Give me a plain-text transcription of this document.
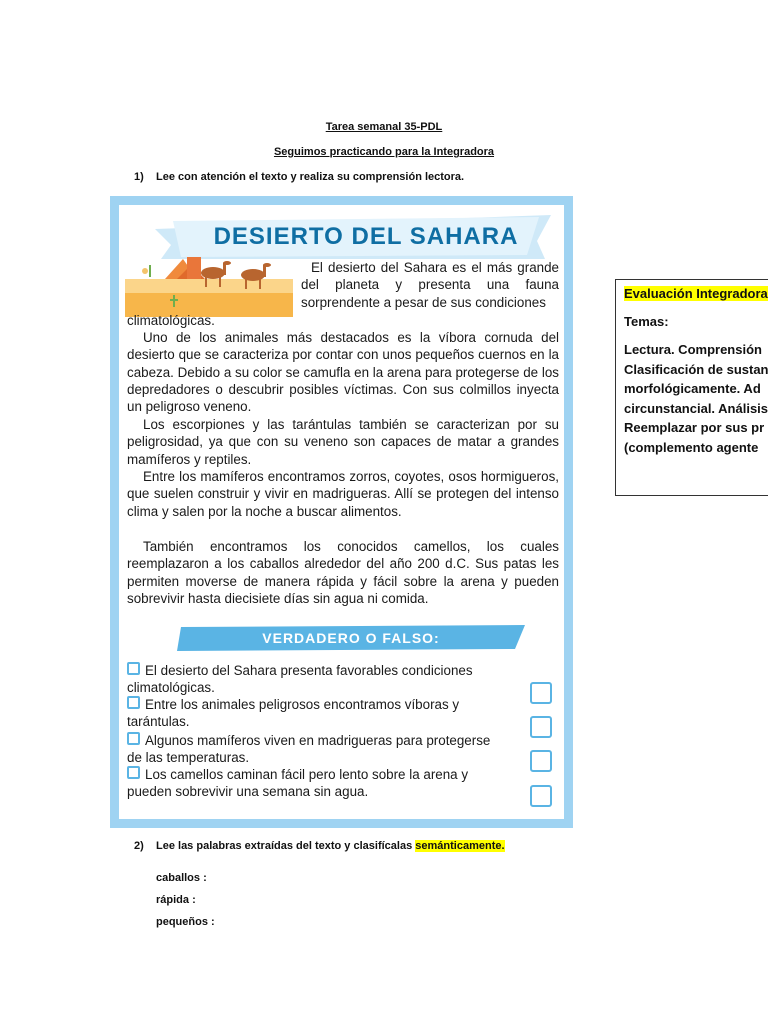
Tarea semanal 35-PDL
Seguimos practicando para la Integradora
1) Lee con atención el texto y realiza su comprensión lectora.
DESIERTO DEL SAHARA
El desierto del Sahara es el más grande del planeta y presenta una fauna sorprendente a pesar de sus condiciones
climatológicas.
Uno de los animales más destacados es la víbora cornuda del desierto que se caracteriza por contar con unos pequeños cuernos en la cabeza. Debido a su color se camufla en la arena para protegerse de los depredadores o descubrir posibles víctimas. Con sus colmillos inyecta un peligroso veneno.
Los escorpiones y las tarántulas también se caracterizan por su peligrosidad, ya que con su veneno son capaces de matar a grandes mamíferos y reptiles.
Entre los mamíferos encontramos zorros, coyotes, osos hormigueros, que suelen construir y vivir en madrigueras. Allí se protegen del intenso clima y salen por la noche a buscar alimentos.
También encontramos los conocidos camellos, los cuales reemplazaron a los caballos alrededor del año 200 d.C. Sus patas les permiten moverse de manera rápida y fácil sobre la arena y pueden sobrevivir hasta diecisiete días sin agua ni comida.
VERDADERO O FALSO:
El desierto del Sahara presenta favorables condiciones climatológicas.
Entre los animales peligrosos encontramos víboras y tarántulas.
Algunos mamíferos viven en madrigueras para protegerse de las temperaturas.
Los camellos caminan fácil pero lento sobre la arena y pueden sobrevivir una semana sin agua.
Evaluación Integradora
Temas:
Lectura. Comprensión
Clasificación de sustan
morfológicamente. Ad
circunstancial. Análisis
Reemplazar por sus pr
(complemento agente
2) Lee las palabras extraídas del texto y clasifícalas semánticamente.
caballos :
rápida :
pequeños :
